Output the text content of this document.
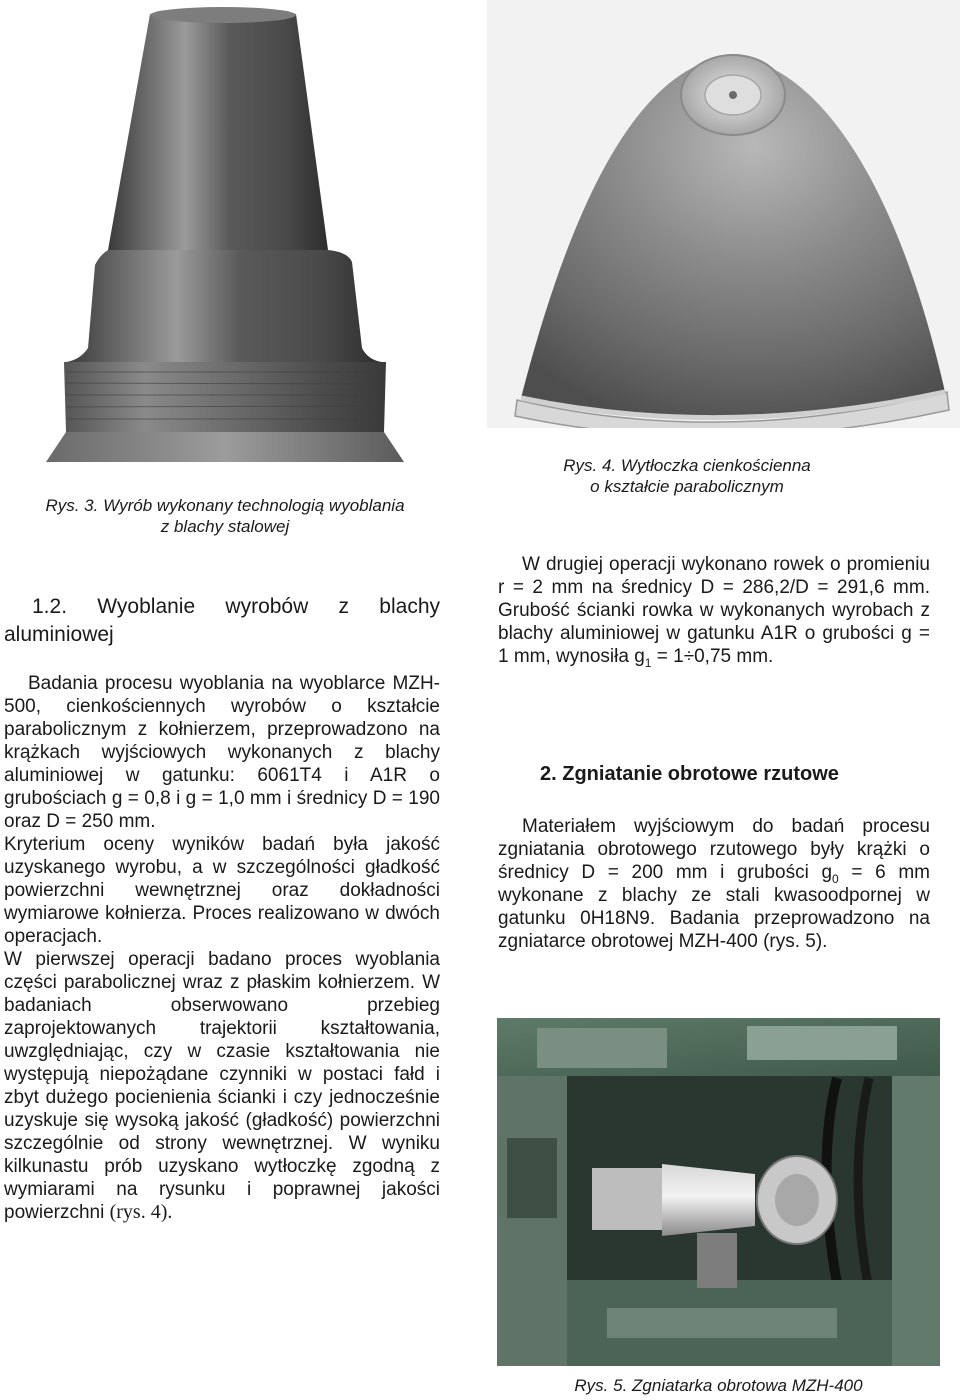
Rys. 3. Wyrób wykonany technologią wyoblania
z blachy stalowej
Rys. 4. Wytłoczka cienkościenna
o kształcie parabolicznym
1.2. Wyoblanie wyrobów z blachy aluminiowej

Badania procesu wyoblania na wyoblarce MZH-500, cienkościennych wyrobów o kształcie parabolicznym z kołnierzem, przeprowadzono na krążkach wyjściowych wykonanych z blachy aluminiowej w gatunku: 6061T4 i A1R o grubościach g = 0,8 i g = 1,0 mm i średnicy D = 190 oraz D = 250 mm.

Kryterium oceny wyników badań była jakość uzyskanego wyrobu, a w szczególności gładkość powierzchni wewnętrznej oraz dokładności wymiarowe kołnierza. Proces realizowano w dwóch operacjach.

W pierwszej operacji badano proces wyoblania części parabolicznej wraz z płaskim kołnierzem. W badaniach obserwowano przebieg zaprojektowanych trajektorii kształtowania, uwzględniając, czy w czasie kształtowania nie występują niepożądane czynniki w postaci fałd i zbyt dużego pocienienia ścianki i czy jednocześnie uzyskuje się wysoką jakość (gładkość) powierzchni szczególnie od strony wewnętrznej. W wyniku kilkunastu prób uzyskano wytłoczkę zgodną z wymiarami na rysunku i poprawnej jakości powierzchni (rys. 4).

W drugiej operacji wykonano rowek o promieniu r = 2 mm na średnicy D = 286,2/D = 291,6 mm. Grubość ścianki rowka w wykonanych wyrobach z blachy aluminiowej w gatunku A1R o grubości g = 1 mm, wynosiła $g_1 = 1\div 0,75$ mm.

2. Zgniatanie obrotowe rzutowe

Materiałem wyjściowym do badań procesu zgniatania obrotowego rzutowego były krążki o średnicy D = 200 mm i grubości $g_0 = 6$ mm wykonane z blachy ze stali kwasoodpornej w gatunku 0H18N9. Badania przeprowadzono na zgniatarce obrotowej MZH-400 (rys. 5).

Rys. 5. Zgniatarka obrotowa MZH-400
